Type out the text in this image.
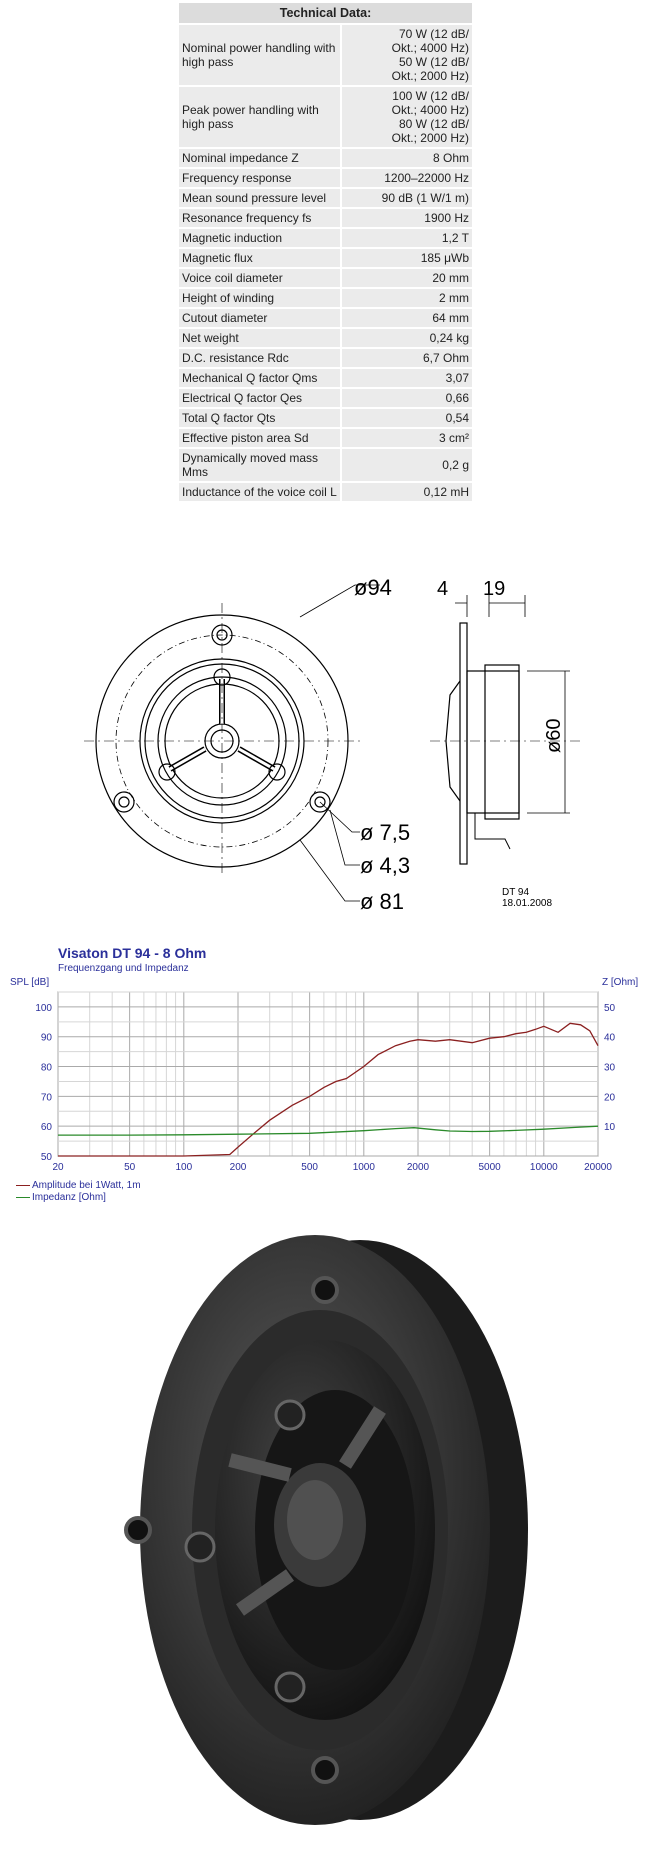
Technical Data:	
Nominal power handling with high pass	70 W (12 dB/
Okt.; 4000 Hz)
50 W (12 dB/
Okt.; 2000 Hz)
Peak power handling with high pass	100 W (12 dB/
Okt.; 4000 Hz)
80 W (12 dB/
Okt.; 2000 Hz)
Nominal impedance Z	8 Ohm
Frequency response	1200–22000 Hz
Mean sound pressure level	90 dB (1 W/1 m)
Resonance frequency fs	1900 Hz
Magnetic induction	1,2 T
Magnetic flux	185 μWb
Voice coil diameter	20 mm
Height of winding	2 mm
Cutout diameter	64 mm
Net weight	0,24 kg
D.C. resistance Rdc	6,7 Ohm
Mechanical Q factor Qms	3,07
Electrical Q factor Qes	0,66
Total Q factor Qts	0,54
Effective piston area Sd	3 cm²
Dynamically moved mass Mms	0,2 g
Inductance of the voice coil L	0,12 mH
ø94
ø 7,5
ø 4,3
ø 81
4 19
ø60
DT 94
18.01.2008
Visaton DT 94 - 8 Ohm
Frequenzgang und Impedanz
SPL [dB]	Z [Ohm]
20	50	100	200	500	1000	2000	5000	10000	20000
50
60
70
80
90
100
10
20
30
40
50
Amplitude bei 1Watt, 1m
Impedanz [Ohm]
